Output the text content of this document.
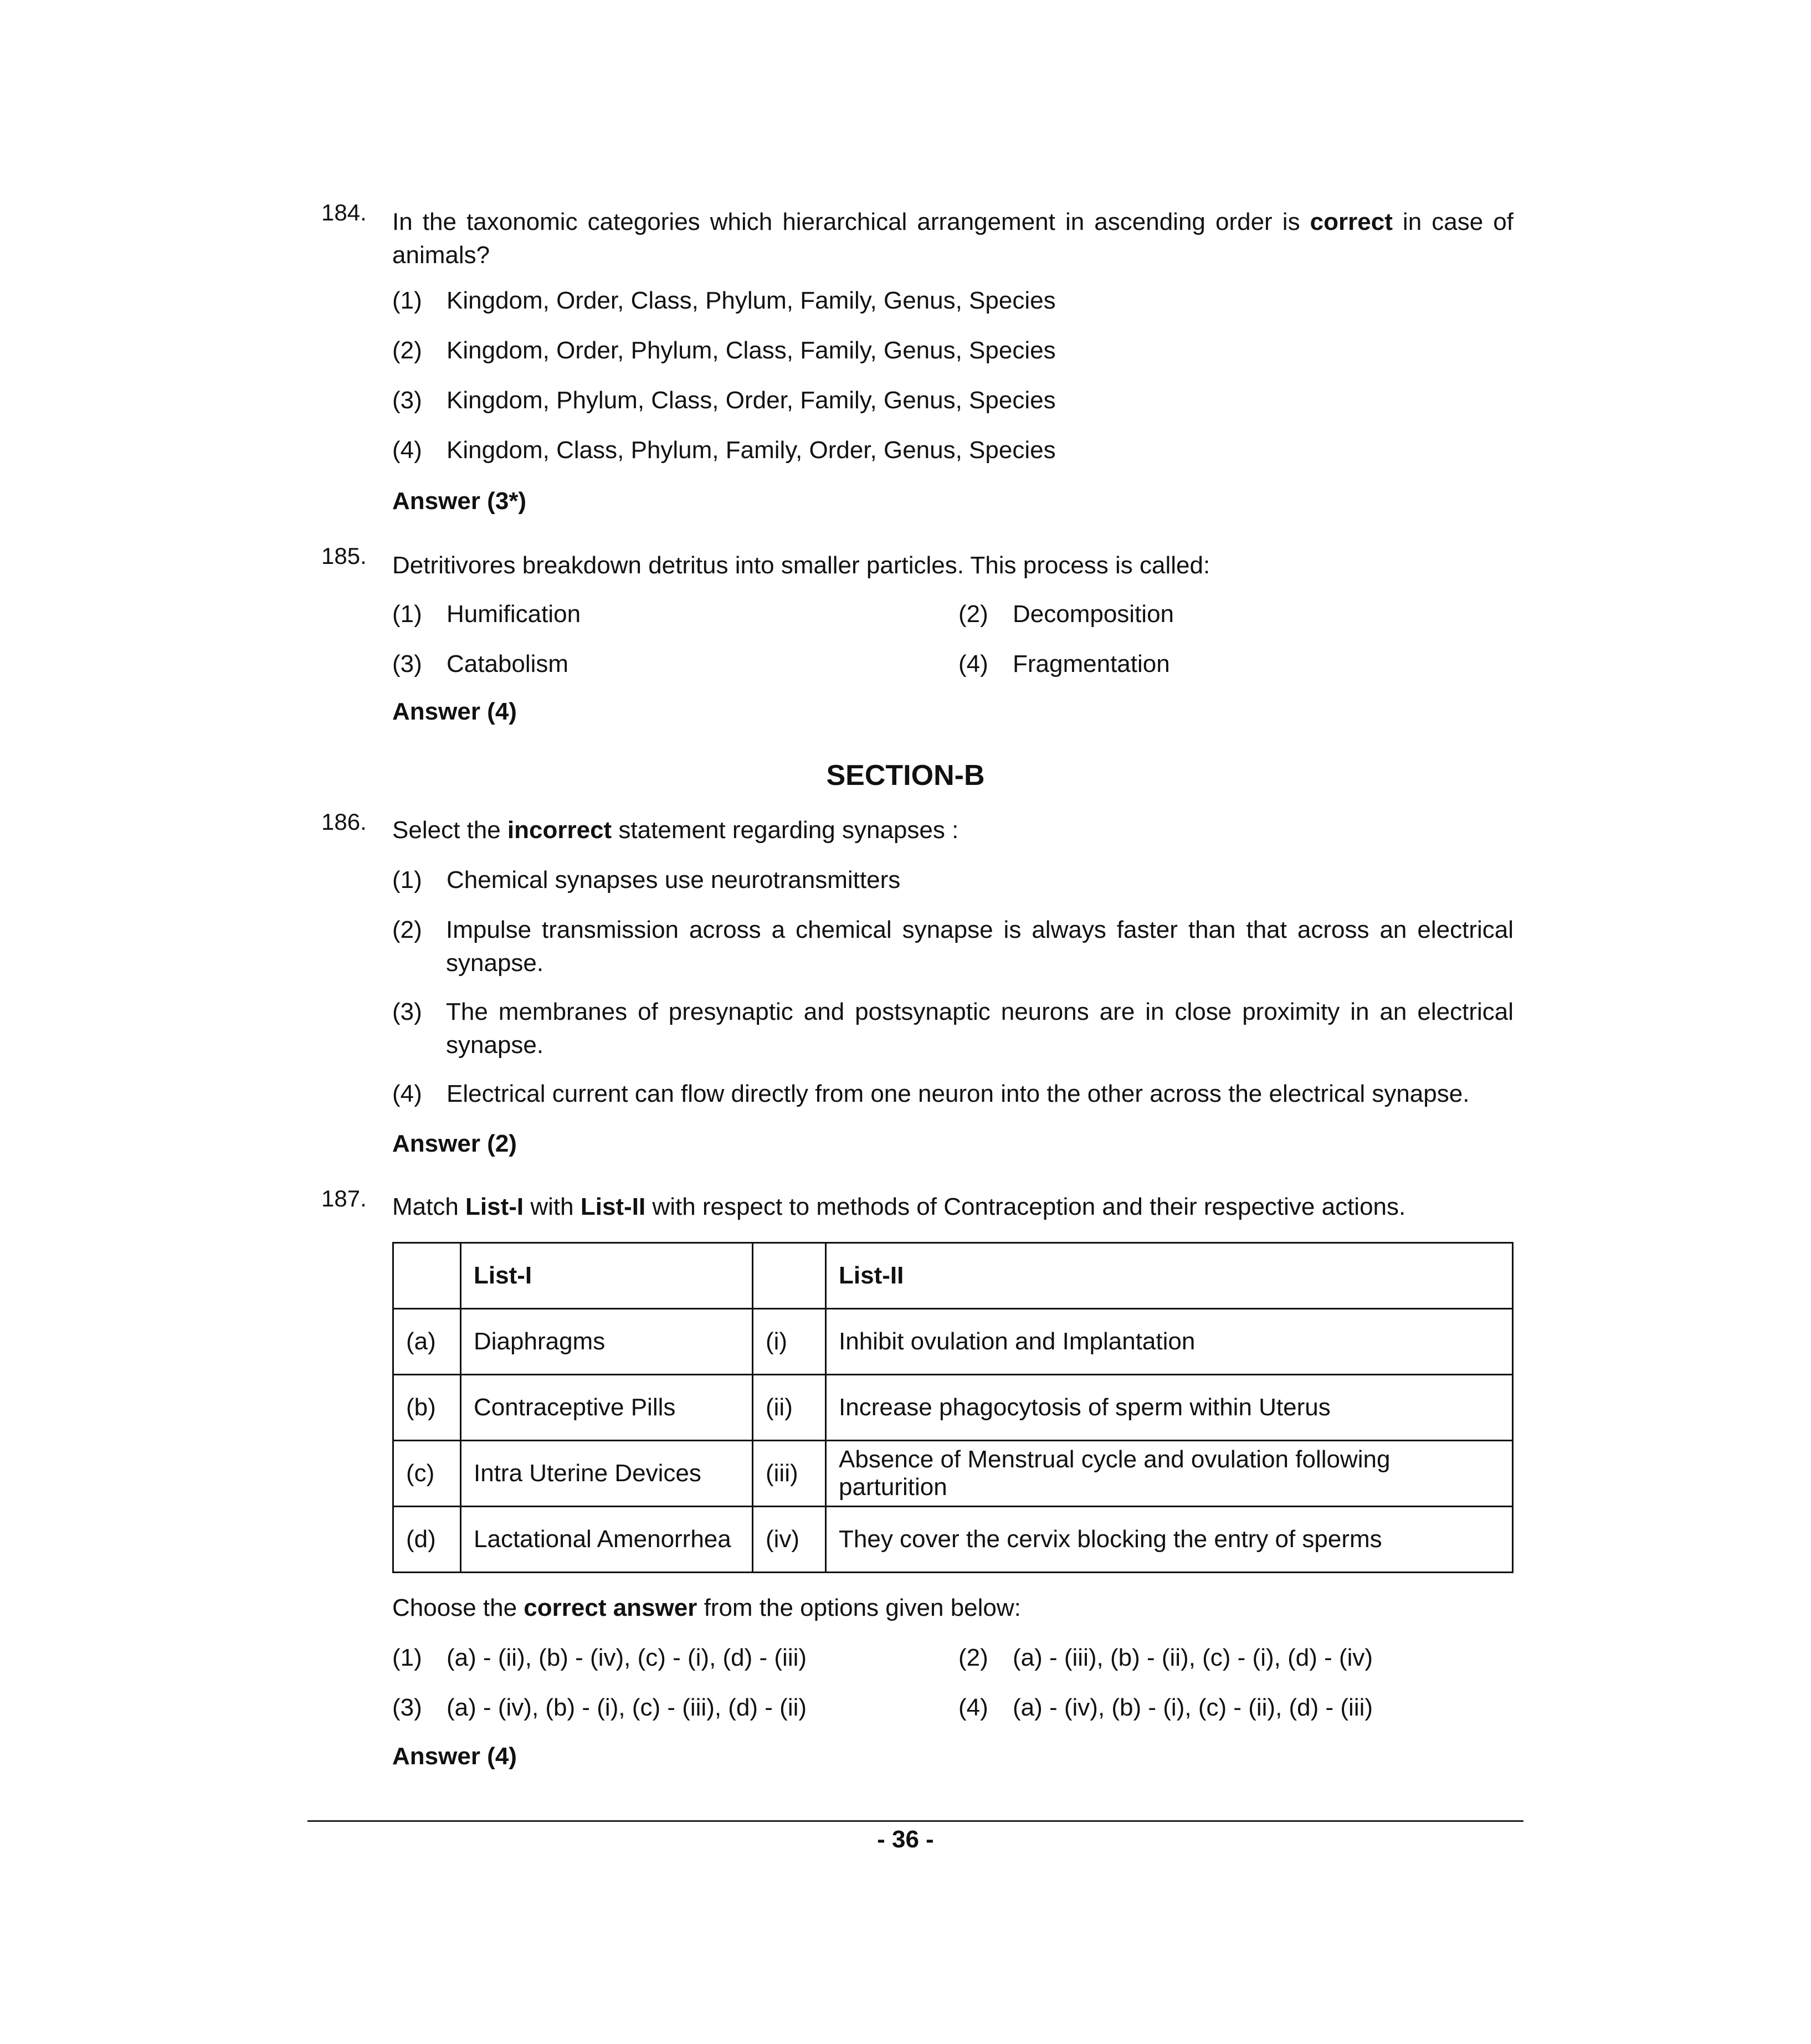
184. In the taxonomic categories which hierarchical arrangement in ascending order is correct in case of
animals?
(1) Kingdom, Order, Class, Phylum, Family, Genus, Species
(2) Kingdom, Order, Phylum, Class, Family, Genus, Species
(3) Kingdom, Phylum, Class, Order, Family, Genus, Species
(4) Kingdom, Class, Phylum, Family, Order, Genus, Species
Answer (3*)
185. Detritivores breakdown detritus into smaller particles. This process is called:
(1) Humification	(2) Decomposition
(3) Catabolism	(4) Fragmentation
Answer (4)
SECTION-B
186. Select the incorrect statement regarding synapses :
(1) Chemical synapses use neurotransmitters
(2) Impulse transmission across a chemical synapse is always faster than that across an electrical
synapse.
(3) The membranes of presynaptic and postsynaptic neurons are in close proximity in an electrical
synapse.
(4) Electrical current can flow directly from one neuron into the other across the electrical synapse.
Answer (2)
187. Match List-I with List-II with respect to methods of Contraception and their respective actions.
	List-I		List-II
(a)	Diaphragms	(i)	Inhibit ovulation and Implantation
(b)	Contraceptive Pills	(ii)	Increase phagocytosis of sperm within Uterus
(c)	Intra Uterine Devices	(iii)	Absence of Menstrual cycle and ovulation following parturition
(d)	Lactational Amenorrhea	(iv)	They cover the cervix blocking the entry of sperms
Choose the correct answer from the options given below:
(1) (a) - (ii), (b) - (iv), (c) - (i), (d) - (iii)	(2) (a) - (iii), (b) - (ii), (c) - (i), (d) - (iv)
(3) (a) - (iv), (b) - (i), (c) - (iii), (d) - (ii)	(4) (a) - (iv), (b) - (i), (c) - (ii), (d) - (iii)
Answer (4)
- 36 -
